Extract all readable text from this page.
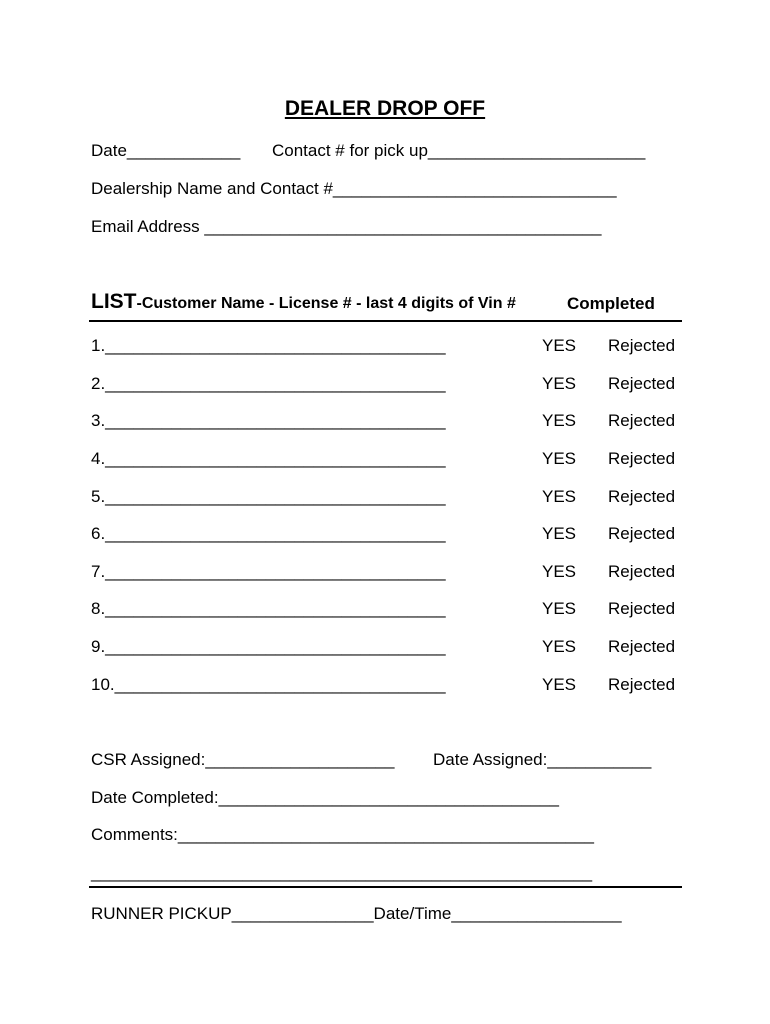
DEALER DROP OFF
Date____________ Contact # for pick up_______________________
Dealership Name and Contact #______________________________
Email Address __________________________________________
LIST-Customer Name - License # - last 4 digits of Vin #	Completed
1.____________________________________	YES Rejected
2.____________________________________	YES Rejected
3.____________________________________	YES Rejected
4.____________________________________	YES Rejected
5.____________________________________	YES Rejected
6.____________________________________	YES Rejected
7.____________________________________	YES Rejected
8.____________________________________	YES Rejected
9.____________________________________	YES Rejected
10.___________________________________	YES Rejected
CSR Assigned:____________________ Date Assigned:___________
Date Completed:____________________________________
Comments:____________________________________________
_____________________________________________________
RUNNER PICKUP_______________Date/Time__________________
